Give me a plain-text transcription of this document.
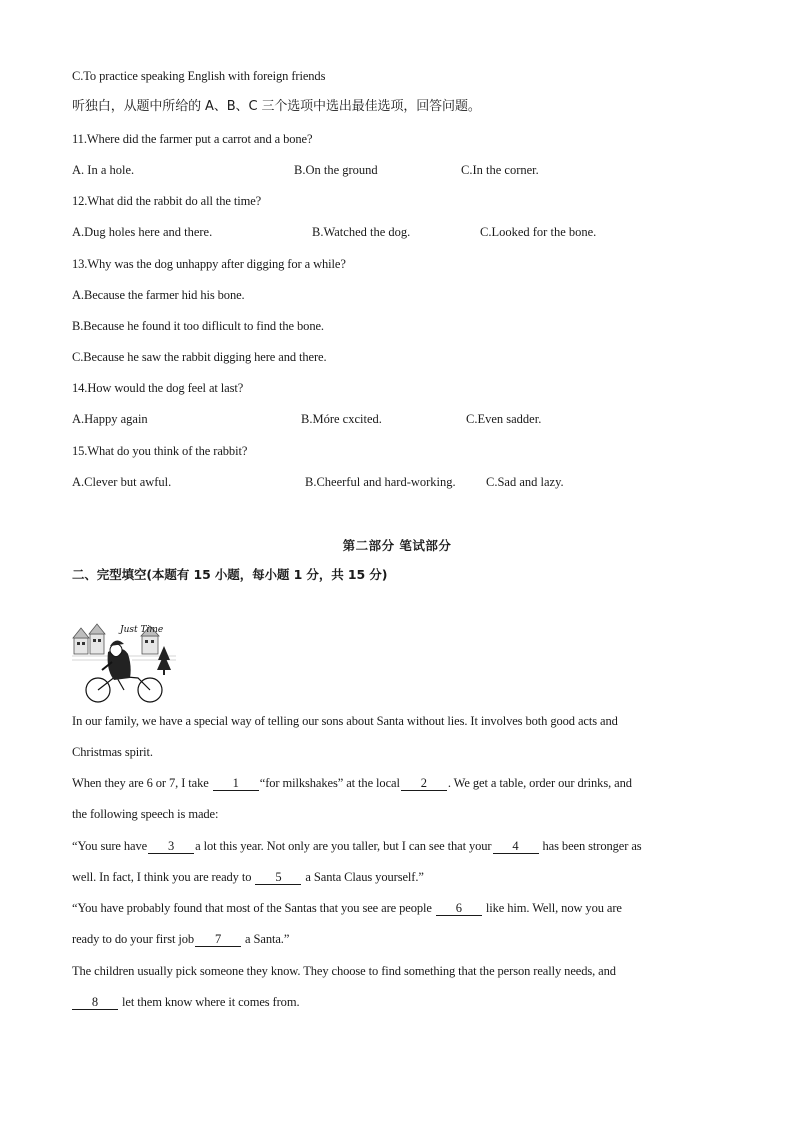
C.To practice speaking English with foreign friends
听独白，从题中所给的 A、B、C 三个选项中选出最佳选项，回答问题。
11.Where did the farmer put a carrot and a bone?
A. In a hole.	B.On the ground	C.In the corner.
12.What did the rabbit do all the time?
A.Dug holes here and there.	B.Watched the dog.	C.Looked for the bone.
13.Why was the dog unhappy after digging for a while?
A.Because the farmer hid his bone.
B.Because he found it too diflicult to find the bone.
C.Because he saw the rabbit digging here and there.
14.How would the dog feel at last?
A.Happy again	B.Móre cxcited.	C.Even sadder.
15.What do you think of the rabbit?
A.Clever but awful.	B.Cheerful and hard-working. C.Sad and lazy.
第二部分 笔试部分
二、完型填空(本题有 15 小题，每小题 1 分，共 15 分)
Just Time
In our family, we have a special way of telling our sons about Santa without lies. It involves both good acts and
Christmas spirit.
When they are 6 or 7, I take 1 “for milkshakes” at the local 2 . We get a table, order our drinks, and
the following speech is made:
“You sure have 3 a lot this year. Not only are you taller, but I can see that your 4 has been stronger as
well. In fact, I think you are ready to 5 a Santa Claus yourself.”
“You have probably found that most of the Santas that you see are people 6 like him. Well, now you are
ready to do your first job 7 a Santa.”
The children usually pick someone they know. They choose to find something that the person really needs, and
8 let them know where it comes from.
